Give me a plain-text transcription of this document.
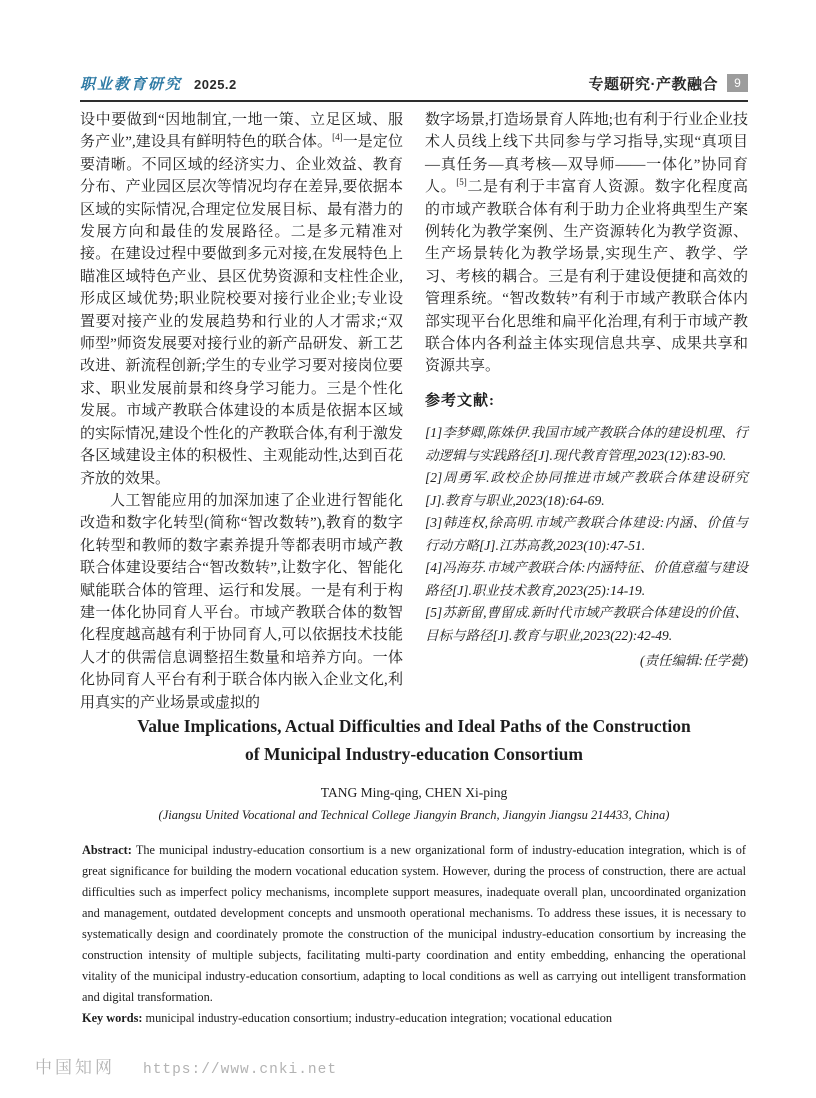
职业教育研究 2025.2	专题研究·产教融合	9

设中要做到“因地制宜,一地一策、立足区域、服务产业”,建设具有鲜明特色的联合体。[4]一是定位要清晰。不同区域的经济实力、企业效益、教育分布、产业园区层次等情况均存在差异,要依据本区域的实际情况,合理定位发展目标、最有潜力的发展方向和最佳的发展路径。二是多元精准对接。在建设过程中要做到多元对接,在发展特色上瞄准区域特色产业、县区优势资源和支柱性企业,形成区域优势;职业院校要对接行业企业;专业设置要对接产业的发展趋势和行业的人才需求;“双师型”师资发展要对接行业的新产品研发、新工艺改进、新流程创新;学生的专业学习要对接岗位要求、职业发展前景和终身学习能力。三是个性化发展。市域产教联合体建设的本质是依据本区域的实际情况,建设个性化的产教联合体,有利于激发各区域建设主体的积极性、主观能动性,达到百花齐放的效果。

人工智能应用的加深加速了企业进行智能化改造和数字化转型(简称“智改数转”),教育的数字化转型和教师的数字素养提升等都表明市域产教联合体建设要结合“智改数转”,让数字化、智能化赋能联合体的管理、运行和发展。一是有利于构建一体化协同育人平台。市域产教联合体的数智化程度越高越有利于协同育人,可以依据技术技能人才的供需信息调整招生数量和培养方向。一体化协同育人平台有利于联合体内嵌入企业文化,利用真实的产业场景或虚拟的

数字场景,打造场景育人阵地;也有利于行业企业技术人员线上线下共同参与学习指导,实现“真项目—真任务—真考核—双导师——一体化”协同育人。[5]二是有利于丰富育人资源。数字化程度高的市域产教联合体有利于助力企业将典型生产案例转化为教学案例、生产资源转化为教学资源、生产场景转化为教学场景,实现生产、教学、学习、考核的耦合。三是有利于建设便捷和高效的管理系统。“智改数转”有利于市域产教联合体内部实现平台化思维和扁平化治理,有利于市域产教联合体内各利益主体实现信息共享、成果共享和资源共享。

参考文献:

[1]李梦卿,陈姝伊.我国市域产教联合体的建设机理、行动逻辑与实践路径[J].现代教育管理,2023(12):83-90.

[2]周勇军.政校企协同推进市域产教联合体建设研究[J].教育与职业,2023(18):64-69.

[3]韩连权,徐高明.市域产教联合体建设:内涵、价值与行动方略[J].江苏高教,2023(10):47-51.

[4]冯海芬.市域产教联合体:内涵特征、价值意蕴与建设路径[J].职业技术教育,2023(25):14-19.

[5]苏新留,曹留成.新时代市域产教联合体建设的价值、目标与路径[J].教育与职业,2023(22):42-49.

(责任编辑:任学甍)

Value Implications, Actual Difficulties and Ideal Paths of the Construction
of Municipal Industry-education Consortium
TANG Ming-qing, CHEN Xi-ping
(Jiangsu United Vocational and Technical College Jiangyin Branch, Jiangyin Jiangsu 214433, China)

Abstract: The municipal industry-education consortium is a new organizational form of industry-education integration, which is of great significance for building the modern vocational education system. However, during the process of construction, there are actual difficulties such as imperfect policy mechanisms, incomplete support measures, inadequate overall plan, uncoordinated organization and management, outdated development concepts and unsmooth operational mechanisms. To address these issues, it is necessary to systematically design and coordinately promote the construction of the municipal industry-education consortium by increasing the construction intensity of multiple subjects, facilitating multi-party coordination and entity embedding, enhancing the operational vitality of the municipal industry-education consortium, adapting to local conditions as well as carrying out intelligent transformation and digital transformation.

Key words: municipal industry-education consortium; industry-education integration; vocational education

中国知网 https://www.cnki.net
